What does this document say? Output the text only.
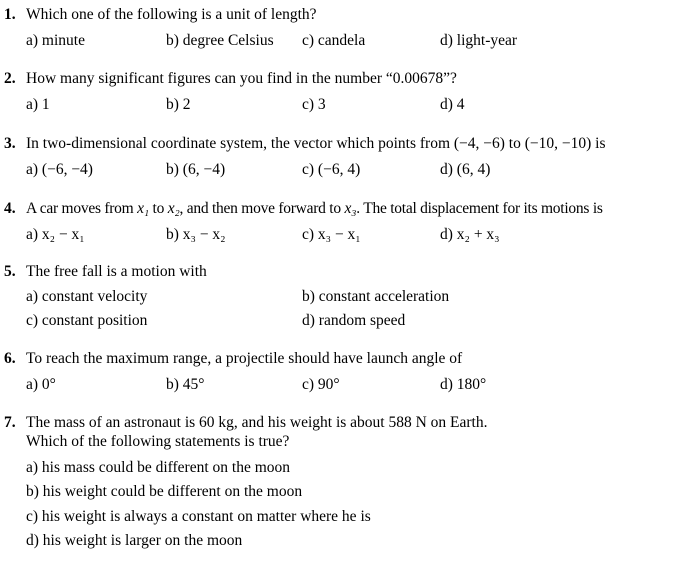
1. Which one of the following is a unit of length?
a) minute	b) degree Celsius c) candela	d) light-year
2. How many significant figures can you find in the number “0.00678”?
a) 1	b) 2	c) 3	d) 4
3. In two-dimensional coordinate system, the vector which points from (−4, −6) to (−10, −10) is
a) (−6, −4)	b) (6, −4)	c) (−6, 4)	d) (6, 4)
4. A car moves from x₁ to x₂, and then move forward to x₃. The total displacement for its motions is
a) x₂ − x₁	b) x₃ − x₂	c) x₃ − x₁	d) x₂ + x₃
5. The free fall is a motion with
a) constant velocity	b) constant acceleration
c) constant position	d) random speed
6. To reach the maximum range, a projectile should have launch angle of
a) 0°	b) 45°	c) 90°	d) 180°
7. The mass of an astronaut is 60 kg, and his weight is about 588 N on Earth.
Which of the following statements is true?
a) his mass could be different on the moon
b) his weight could be different on the moon
c) his weight is always a constant on matter where he is
d) his weight is larger on the moon
